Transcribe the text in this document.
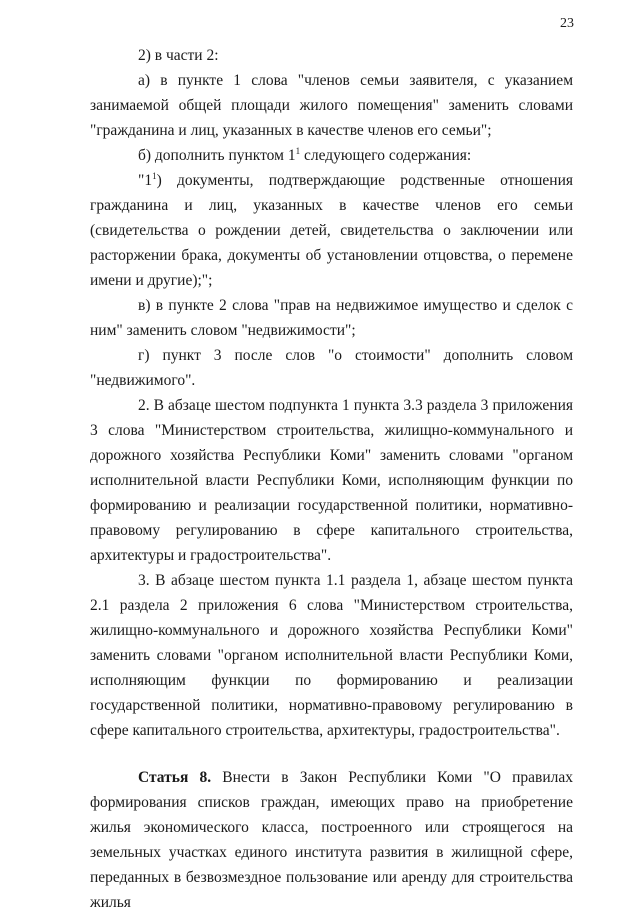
23

2) в части 2:

а) в пункте 1 слова "членов семьи заявителя, с указанием занимаемой общей площади жилого помещения" заменить словами "гражданина и лиц, указанных в качестве членов его семьи";

б) дополнить пунктом $1^1$ следующего содержания:

"$1^1$) документы, подтверждающие родственные отношения гражданина и лиц, указанных в качестве членов его семьи (свидетельства о рождении детей, свидетельства о заключении или расторжении брака, документы об установлении отцовства, о перемене имени и другие);";

в) в пункте 2 слова "прав на недвижимое имущество и сделок с ним" заменить словом "недвижимости";

г) пункт 3 после слов "о стоимости" дополнить словом "недвижимого".

2. В абзаце шестом подпункта 1 пункта 3.3 раздела 3 приложения 3 слова "Министерством строительства, жилищно-коммунального и дорожного хозяйства Республики Коми" заменить словами "органом исполнительной власти Республики Коми, исполняющим функции по формированию и реализации государственной политики, нормативно-правовому регулированию в сфере капитального строительства, архитектуры и градостроительства".

3. В абзаце шестом пункта 1.1 раздела 1, абзаце шестом пункта 2.1 раздела 2 приложения 6 слова "Министерством строительства, жилищно-коммунального и дорожного хозяйства Республики Коми" заменить словами "органом исполнительной власти Республики Коми, исполняющим функции по формированию и реализации государственной политики, нормативно-правовому регулированию в сфере капитального строительства, архитектуры, градостроительства".

Статья 8. Внести в Закон Республики Коми "О правилах формирования списков граждан, имеющих право на приобретение жилья экономического класса, построенного или строящегося на земельных участках единого института развития в жилищной сфере, переданных в безвозмездное пользование или аренду для строительства жилья
